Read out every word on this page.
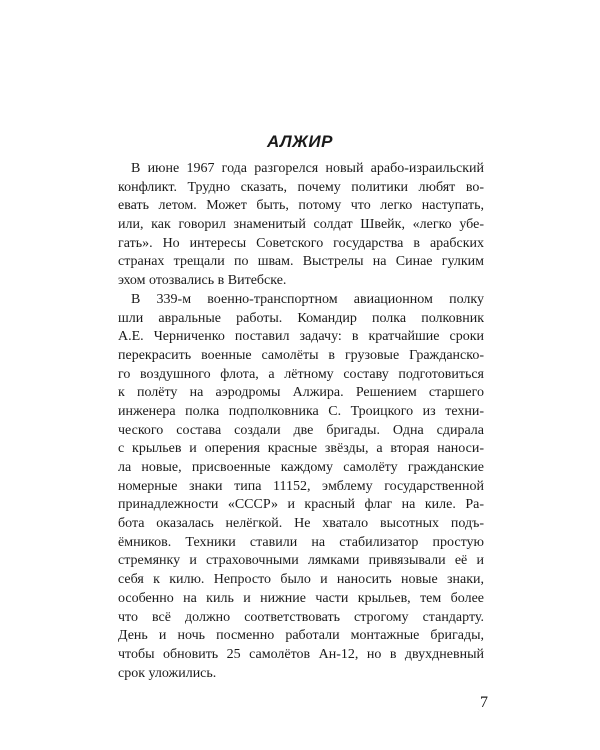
АЛЖИР
В июне 1967 года разгорелся новый арабо-израильский
конфликт. Трудно сказать, почему политики любят во-
евать летом. Может быть, потому что легко наступать,
или, как говорил знаменитый солдат Швейк, «легко убе-
гать». Но интересы Советского государства в арабских
странах трещали по швам. Выстрелы на Синае гулким
эхом отозвались в Витебске.
В 339-м военно-транспортном авиационном полку
шли авральные работы. Командир полка полковник
А.Е. Черниченко поставил задачу: в кратчайшие сроки
перекрасить военные самолёты в грузовые Гражданско-
го воздушного флота, а лётному составу подготовиться
к полёту на аэродромы Алжира. Решением старшего
инженера полка подполковника С. Троицкого из техни-
ческого состава создали две бригады. Одна сдирала
с крыльев и оперения красные звёзды, а вторая наноси-
ла новые, присвоенные каждому самолёту гражданские
номерные знаки типа 11152, эмблему государственной
принадлежности «СССР» и красный флаг на киле. Ра-
бота оказалась нелёгкой. Не хватало высотных подъ-
ёмников. Техники ставили на стабилизатор простую
стремянку и страховочными лямками привязывали её и
себя к килю. Непросто было и наносить новые знаки,
особенно на киль и нижние части крыльев, тем более
что всё должно соответствовать строгому стандарту.
День и ночь посменно работали монтажные бригады,
чтобы обновить 25 самолётов Ан-12, но в двухдневный
срок уложились.

7
